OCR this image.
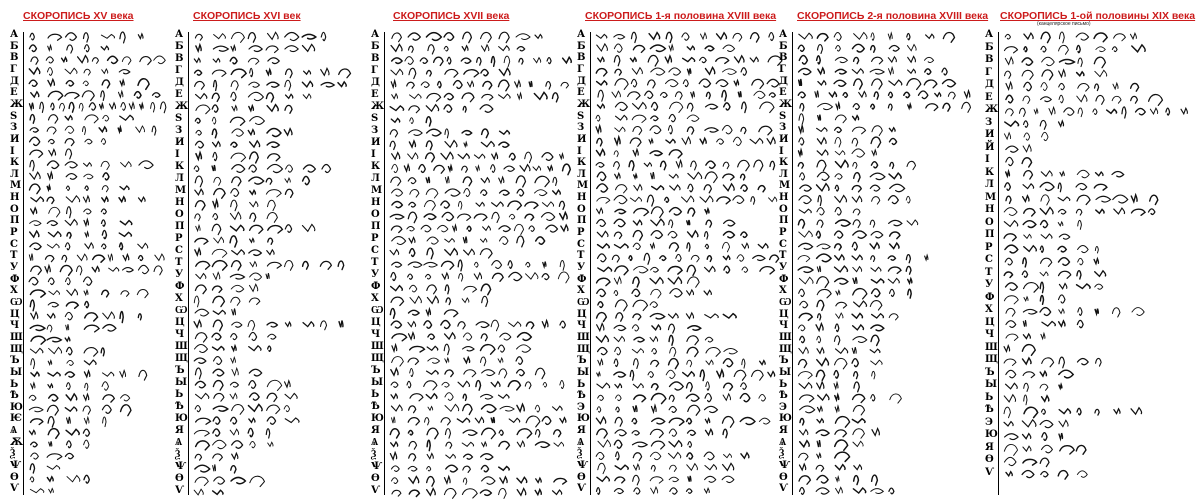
СКОРОПИСЬ XV века
А
Б
В
Г
Д
Е
Ж
S
З
И
І
К
Л
М
Н
О
П
Р
С
Т
У
Ф
Х
Ѡ
Ц
Ч
Ш
Щ
Ъ
Ы
Ь
Ѣ
Ю
Ѥ
Ѧ
Ѫ
Ѯ
Ѱ
Ѳ
Ѵ
СКОРОПИСЬ XVI век
А
Б
В
Г
Д
Е
Ж
S
З
И
І
К
Л
М
Н
О
П
Р
С
Т
У
Ф
Х
Ѡ
Ц
Ч
Ш
Щ
Ъ
Ы
Ь
Ѣ
Ю
Я
Ѧ
Ѯ
Ѱ
Ѳ
Ѵ
СКОРОПИСЬ XVII века
А
Б
В
Г
Д
Е
Ж
S
З
И
І
К
Л
М
Н
О
П
Р
С
Т
У
Ф
Х
Ѡ
Ц
Ч
Ш
Щ
Ъ
Ы
Ь
Ѣ
Ю
Я
Ѧ
Ѯ
Ѱ
Ѳ
Ѵ
СКОРОПИСЬ 1-я половина XVIII века
А
Б
В
Г
Д
Е
Ж
S
З
И
І
К
Л
М
Н
О
П
Р
С
Т
У
Ф
Х
Ѡ
Ц
Ч
Ш
Щ
Ъ
Ы
Ь
Ѣ
Э
Ю
Я
Ѧ
Ѯ
Ѱ
Ѳ
Ѵ
СКОРОПИСЬ 2-я половина XVIII века
А
Б
В
Г
Д
Е
Ж
S
З
И
І
К
Л
М
Н
О
П
Р
С
Т
У
Ф
Х
Ѡ
Ц
Ч
Ш
Щ
Ъ
Ы
Ь
Ѣ
Э
Ю
Я
Ѧ
Ѯ
Ѱ
Ѳ
Ѵ
СКОРОПИСЬ 1-ой половины XIX века
(канцелярское письмо)
А
Б
В
Г
Д
Е
Ж
З
И
Й
І
К
Л
М
Н
О
П
Р
С
Т
У
Ф
Х
Ц
Ч
Ш
Щ
Ъ
Ы
Ь
Ѣ
Э
Ю
Я
Ѳ
Ѵ
